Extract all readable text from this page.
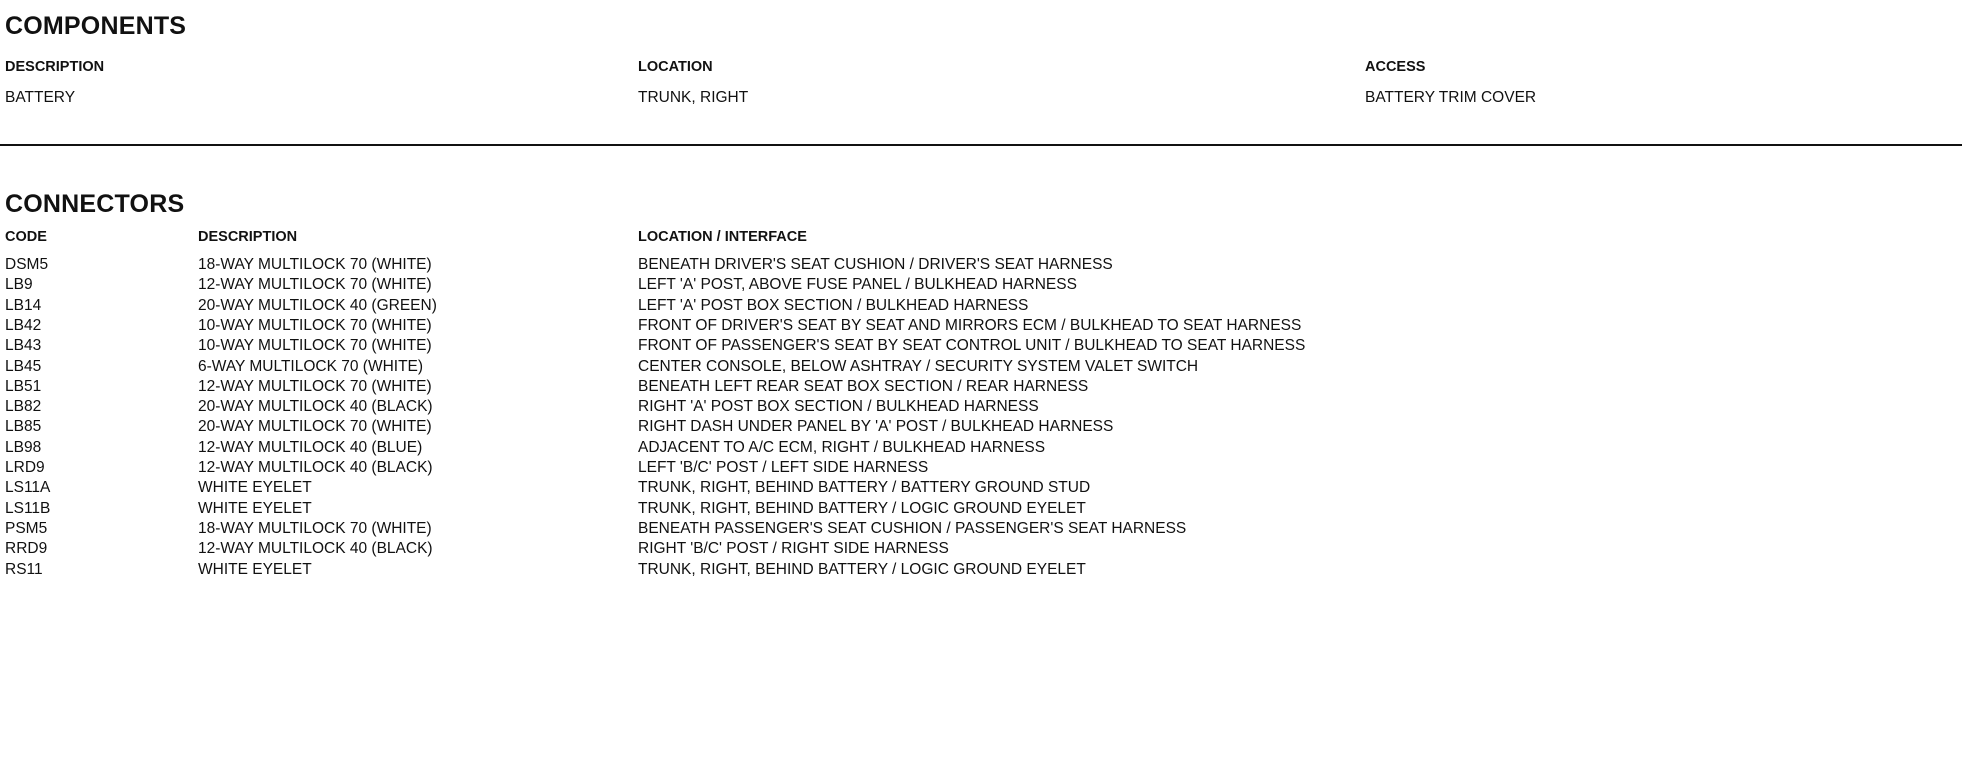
COMPONENTS
DESCRIPTION	LOCATION	ACCESS
BATTERY	TRUNK, RIGHT	BATTERY TRIM COVER
CONNECTORS
CODE	DESCRIPTION	LOCATION / INTERFACE
DSM5	18-WAY MULTILOCK 70 (WHITE)	BENEATH DRIVER'S SEAT CUSHION / DRIVER'S SEAT HARNESS
LB9	12-WAY MULTILOCK 70 (WHITE)	LEFT 'A' POST, ABOVE FUSE PANEL / BULKHEAD HARNESS
LB14	20-WAY MULTILOCK 40 (GREEN)	LEFT 'A' POST BOX SECTION / BULKHEAD HARNESS
LB42	10-WAY MULTILOCK 70 (WHITE)	FRONT OF DRIVER'S SEAT BY SEAT AND MIRRORS ECM / BULKHEAD TO SEAT HARNESS
LB43	10-WAY MULTILOCK 70 (WHITE)	FRONT OF PASSENGER'S SEAT BY SEAT CONTROL UNIT / BULKHEAD TO SEAT HARNESS
LB45	6-WAY MULTILOCK 70 (WHITE)	CENTER CONSOLE, BELOW ASHTRAY / SECURITY SYSTEM VALET SWITCH
LB51	12-WAY MULTILOCK 70 (WHITE)	BENEATH LEFT REAR SEAT BOX SECTION / REAR HARNESS
LB82	20-WAY MULTILOCK 40 (BLACK)	RIGHT 'A' POST BOX SECTION / BULKHEAD HARNESS
LB85	20-WAY MULTILOCK 70 (WHITE)	RIGHT DASH UNDER PANEL BY 'A' POST / BULKHEAD HARNESS
LB98	12-WAY MULTILOCK 40 (BLUE)	ADJACENT TO A/C ECM, RIGHT / BULKHEAD HARNESS
LRD9	12-WAY MULTILOCK 40 (BLACK)	LEFT 'B/C' POST / LEFT SIDE HARNESS
LS11A	WHITE EYELET	TRUNK, RIGHT, BEHIND BATTERY / BATTERY GROUND STUD
LS11B	WHITE EYELET	TRUNK, RIGHT, BEHIND BATTERY / LOGIC GROUND EYELET
PSM5	18-WAY MULTILOCK 70 (WHITE)	BENEATH PASSENGER'S SEAT CUSHION / PASSENGER'S SEAT HARNESS
RRD9	12-WAY MULTILOCK 40 (BLACK)	RIGHT 'B/C' POST / RIGHT SIDE HARNESS
RS11	WHITE EYELET	TRUNK, RIGHT, BEHIND BATTERY / LOGIC GROUND EYELET
